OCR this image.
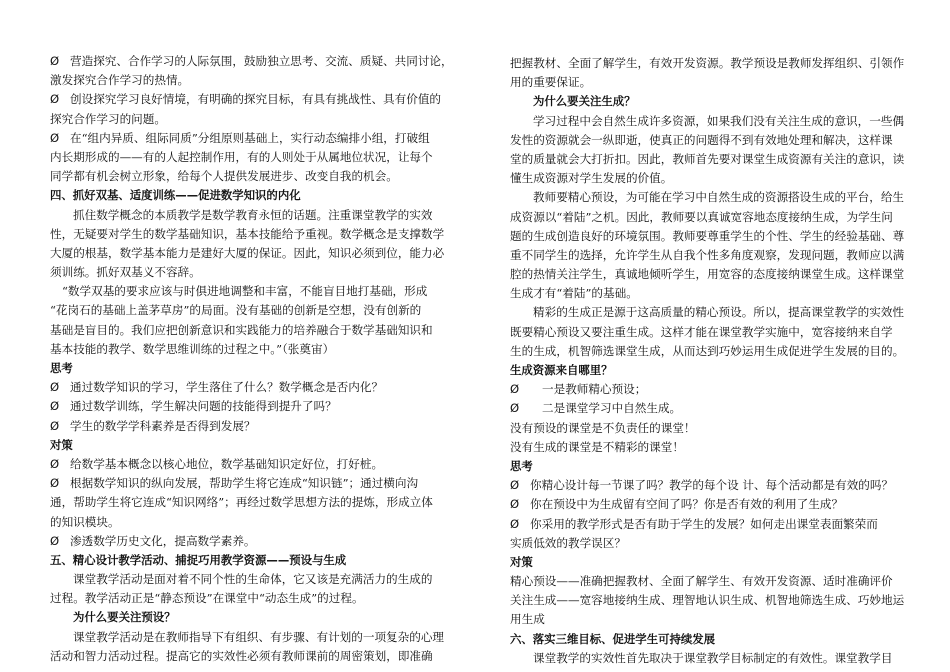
Ø 营造探究、合作学习的人际氛围，鼓励独立思考、交流、质疑、共同讨论，
激发探究合作学习的热情。
Ø 创设探究学习良好情境，有明确的探究目标，有具有挑战性、具有价值的
探究合作学习的问题。
Ø 在“组内异质、组际同质”分组原则基础上，实行动态编排小组，打破组
内长期形成的——有的人起控制作用，有的人则处于从属地位状况，让每个
同学都有机会树立形象，给每个人提供发展进步、改变自我的机会。
四、抓好双基、适度训练——促进数学知识的内化
抓住数学概念的本质教学是数学教育永恒的话题。注重课堂教学的实效
性，无疑要对学生的数学基础知识，基本技能给予重视。数学概念是支撑数学
大厦的根基，数学基本能力是建好大厦的保证。因此，知识必须到位，能力必
须训练。抓好双基义不容辞。
“数学双基的要求应该与时俱进地调整和丰富，不能盲目地打基础，形成
“花岗石的基础上盖茅草房”的局面。没有基础的创新是空想，没有创新的
基础是盲目的。我们应把创新意识和实践能力的培养融合于数学基础知识和
基本技能的教学、数学思维训练的过程之中。”（张奠宙）
思考
Ø 通过数学知识的学习，学生落住了什么？数学概念是否内化？
Ø 通过数学训练，学生解决问题的技能得到提升了吗？
Ø 学生的数学学科素养是否得到发展？
对策
Ø 给数学基本概念以核心地位，数学基础知识定好位，打好桩。
Ø 根据数学知识的纵向发展，帮助学生将它连成“知识链”；通过横向沟
通，帮助学生将它连成“知识网络”；再经过数学思想方法的提炼，形成立体
的知识模块。
Ø 渗透数学历史文化，提高数学素养。
五、精心设计教学活动、捕捉巧用教学资源——预设与生成
课堂教学活动是面对着不同个性的生命体，它又该是充满活力的生成的
过程。教学活动正是“静态预设”在课堂中“动态生成”的过程。
为什么要关注预设？
课堂教学活动是在教师指导下有组织、有步骤、有计划的一项复杂的心理
活动和智力活动过程。提高它的实效性必须有教师课前的周密策划，即准确
把握教材、全面了解学生，有效开发资源。教学预设是教师发挥组织、引领作
用的重要保证。
为什么要关注生成？
学习过程中会自然生成许多资源，如果我们没有关注生成的意识，一些偶
发性的资源就会一纵即逝，使真正的问题得不到有效地处理和解决，这样课
堂的质量就会大打折扣。因此，教师首先要对课堂生成资源有关注的意识，读
懂生成资源对学生发展的价值。
教师要精心预设，为可能在学习中自然生成的资源搭设生成的平台，给生
成资源以“着陆”之机。因此，教师要以真诚宽容地态度接纳生成，为学生问
题的生成创造良好的环境氛围。教师要尊重学生的个性、学生的经验基础、尊
重不同学生的选择，允许学生从自我个性多角度观察，发现问题，教师应以满
腔的热情关注学生，真诚地倾听学生，用宽容的态度接纳课堂生成。这样课堂
生成才有“着陆”的基础。
精彩的生成正是源于这高质量的精心预设。所以，提高课堂教学的实效性
既要精心预设又要注重生成。这样才能在课堂教学实施中，宽容接纳来自学
生的生成，机智筛选课堂生成，从而达到巧妙运用生成促进学生发展的目的。
生成资源来自哪里？
Ø 一是教师精心预设；
Ø 二是课堂学习中自然生成。
没有预设的课堂是不负责任的课堂！
没有生成的课堂是不精彩的课堂！
思考
Ø 你精心设计每一节课了吗？教学的每个设 计、每个活动都是有效的吗？
Ø 你在预设中为生成留有空间了吗？你是否有效的利用了生成？
Ø 你采用的教学形式是否有助于学生的发展？如何走出课堂表面繁荣而
实质低效的教学误区？
对策
精心预设——准确把握教材、全面了解学生、有效开发资源、适时准确评价
关注生成——宽容地接纳生成、理智地认识生成、机智地筛选生成、巧妙地运
用生成
六、落实三维目标、促进学生可持续发展
课堂教学的实效性首先取决于课堂教学目标制定的有效性。课堂教学目
